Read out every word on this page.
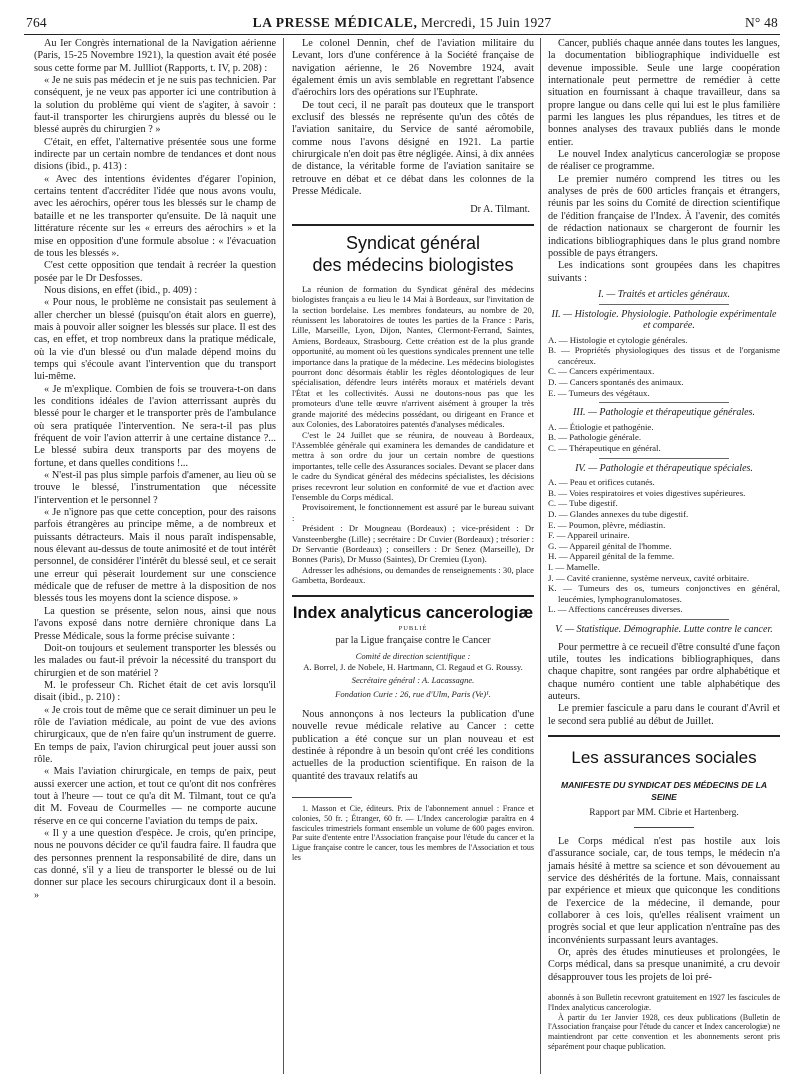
764	LA PRESSE MÉDICALE, Mercredi, 15 Juin 1927	N° 48

Au Ier Congrès international de la Navigation aérienne (Paris, 15-25 Novembre 1921), la question avait été posée sous cette forme par M. Jullliot (Rapports, t. IV, p. 208) :

« Je ne suis pas médecin et je ne suis pas technicien. Par conséquent, je ne veux pas apporter ici une contribution à la solution du problème qui vient de s'agiter, à savoir : faut-il transporter les chirurgiens auprès du blessé ou le blessé auprès du chirurgien ? »

C'était, en effet, l'alternative présentée sous une forme indirecte par un certain nombre de tendances et dont nous disions (ibid., p. 413) :

« Avec des intentions évidentes d'égarer l'opinion, certains tentent d'accréditer l'idée que nous avons voulu, avec les aérochirs, opérer tous les blessés sur le champ de bataille et ne les transporter qu'ensuite. De là naquit une littérature récente sur les « erreurs des aérochirs » et la mise en opposition d'une formule absolue : « l'évacuation de tous les blessés ».

C'est cette opposition que tendait à recréer la question posée par le Dr Desfosses.

Nous disions, en effet (ibid., p. 409) :

« Pour nous, le problème ne consistait pas seulement à aller chercher un blessé (puisqu'on était alors en guerre), mais à pouvoir aller soigner les blessés sur place. Il est des cas, en effet, et trop nombreux dans la pratique médicale, où la vie d'un blessé ou d'un malade dépend moins du temps qui s'écoule avant l'intervention que du transport lui-même.

« Je m'explique. Combien de fois se trouvera-t-on dans les conditions idéales de l'avion atterrissant auprès du blessé pour le charger et le transporter près de l'ambulance où sera pratiquée l'intervention. Ne sera-t-il pas plus fréquent de voir l'avion atterrir à une certaine distance ?... Le blessé subira deux transports par des moyens de fortune, et dans quelles conditions !...

« N'est-il pas plus simple parfois d'amener, au lieu où se trouve le blessé, l'instrumentation que nécessite l'intervention et le personnel ?

« Je n'ignore pas que cette conception, pour des raisons parfois étrangères au principe même, a de nombreux et puissants détracteurs. Mais il nous paraît indispensable, nous élevant au-dessus de toute animosité et de tout intérêt personnel, de considérer l'intérêt du blessé seul, et ce serait une erreur qui pèserait lourdement sur une conscience médicale que de refuser de mettre à la disposition de nos blessés tous les moyens dont la science dispose. »

La question se présente, selon nous, ainsi que nous l'avons exposé dans notre dernière chronique dans La Presse Médicale, sous la forme précise suivante :

Doit-on toujours et seulement transporter les blessés ou les malades ou faut-il prévoir la nécessité du transport du chirurgien et de son matériel ?

M. le professeur Ch. Richet était de cet avis lorsqu'il disait (ibid., p. 210) :

« Je crois tout de même que ce serait diminuer un peu le rôle de l'aviation médicale, au point de vue des avions chirurgicaux, que de n'en faire qu'un instrument de guerre. En temps de paix, l'avion chirurgical peut jouer aussi son rôle.

« Mais l'aviation chirurgicale, en temps de paix, peut aussi exercer une action, et tout ce qu'ont dit nos confrères tout à l'heure — tout ce qu'a dit M. Tilmant, tout ce qu'a dit M. Foveau de Courmelles — ne comporte aucune réserve en ce qui concerne l'aviation du temps de paix.

« Il y a une question d'espèce. Je crois, qu'en principe, nous ne pouvons décider ce qu'il faudra faire. Il faudra que des personnes prennent la responsabilité de dire, dans un cas donné, s'il y a lieu de transporter le blessé ou de lui donner sur place les secours chirurgicaux dont il a besoin. »

Le colonel Dennin, chef de l'aviation militaire du Levant, lors d'une conférence à la Société française de navigation aérienne, le 26 Novembre 1924, avait également émis un avis semblable en regrettant l'absence d'aérochirs lors des opérations sur l'Euphrate.

De tout ceci, il ne paraît pas douteux que le transport exclusif des blessés ne représente qu'un des côtés de l'aviation sanitaire, du Service de santé aéromobile, comme nous l'avons désigné en 1921. La partie chirurgicale n'en doit pas être négligée. Ainsi, à dix années de distance, la véritable forme de l'aviation sanitaire se retrouve en débat et ce débat dans les colonnes de la Presse Médicale.

Dr A. Tilmant.

Syndicat général
des médecins biologistes

La réunion de formation du Syndicat général des médecins biologistes français a eu lieu le 14 Mai à Bordeaux, sur l'invitation de la section bordelaise. Les membres fondateurs, au nombre de 20, réunissent les laboratoires de toutes les parties de la France : Paris, Lille, Marseille, Lyon, Dijon, Nantes, Clermont-Ferrand, Saintes, Amiens, Bordeaux, Strasbourg. Cette création est de la plus grande opportunité, au moment où les questions syndicales prennent une telle importance dans la pratique de la médecine. Les médecins biologistes pourront donc désormais établir les règles déontologiques de leur spécialisation, défendre leurs intérêts moraux et matériels devant l'État et les collectivités. Aussi ne doutons-nous pas que les promoteurs d'une telle œuvre n'arrivent aisément à grouper la très grande majorité des médecins possédant, ou dirigeant en France et aux Colonies, des Laboratoires patentés d'analyses médicales.

C'est le 24 Juillet que se réunira, de nouveau à Bordeaux, l'Assemblée générale qui examinera les demandes de candidature et mettra à son ordre du jour un certain nombre de questions importantes, telle celle des Assurances sociales. Devant se placer dans le cadre du Syndicat général des médecins spécialistes, les décisions prises recevront leur solution en conformité de vue et d'action avec l'ensemble du Corps médical.

Provisoirement, le fonctionnement est assuré par le bureau suivant :

Président : Dr Mougneau (Bordeaux) ; vice-président : Dr Vansteenberghe (Lille) ; secrétaire : Dr Cuvier (Bordeaux) ; trésorier : Dr Servantie (Bordeaux) ; conseillers : Dr Senez (Marseille), Dr Bonnes (Paris), Dr Musso (Saintes), Dr Cremieu (Lyon).

Adresser les adhésions, ou demandes de renseignements : 30, place Gambetta, Bordeaux.

Index analyticus cancerologiæ
PUBLIÉ
par la Ligue française contre le Cancer
Comité de direction scientifique :
A. Borrel, J. de Nobele, H. Hartmann, Cl. Regaud et G. Roussy.
Secrétaire général : A. Lacassagne.
Fondation Curie : 26, rue d'Ulm, Paris (Ve)¹.

Nous annonçons à nos lecteurs la publication d'une nouvelle revue médicale relative au Cancer : cette publication a été conçue sur un plan nouveau et est destinée à répondre à un besoin qu'ont créé les conditions actuelles de la production scientifique. En raison de la quantité des travaux relatifs au

1. Masson et Cie, éditeurs. Prix de l'abonnement annuel : France et colonies, 50 fr. ; Étranger, 60 fr. — L'Index cancerologiæ paraîtra en 4 fascicules trimestriels formant ensemble un volume de 600 pages environ. Par suite d'entente entre l'Association française pour l'étude du cancer et la Ligue française contre le cancer, tous les membres de l'Association et tous les

Cancer, publiés chaque année dans toutes les langues, la documentation bibliographique individuelle est devenue impossible. Seule une large coopération internationale peut permettre de remédier à cette situation en fournissant à chaque travailleur, dans sa propre langue ou dans celle qui lui est le plus familière parmi les langues les plus répandues, les titres et de bonnes analyses des travaux publiés dans le monde entier.

Le nouvel Index analyticus cancerologiæ se propose de réaliser ce programme.

Le premier numéro comprend les titres ou les analyses de près de 600 articles français et étrangers, réunis par les soins du Comité de direction scientifique de l'édition française de l'Index. À l'avenir, des comités de rédaction nationaux se chargeront de fournir les indications bibliographiques dans le plus grand nombre possible de pays étrangers.

Les indications sont groupées dans les chapitres suivants :

I. — Traités et articles généraux.
II. — Histologie. Physiologie. Pathologie expérimentale et comparée.
A. — Histologie et cytologie générales.
B. — Propriétés physiologiques des tissus et de l'organisme cancéreux.
C. — Cancers expérimentaux.
D. — Cancers spontanés des animaux.
E. — Tumeurs des végétaux.
III. — Pathologie et thérapeutique générales.
A. — Étiologie et pathogénie.
B. — Pathologie générale.
C. — Thérapeutique en général.
IV. — Pathologie et thérapeutique spéciales.
A. — Peau et orifices cutanés.
B. — Voies respiratoires et voies digestives supérieures.
C. — Tube digestif.
D. — Glandes annexes du tube digestif.
E. — Poumon, plèvre, médiastin.
F. — Appareil urinaire.
G. — Appareil génital de l'homme.
H. — Appareil génital de la femme.
I. — Mamelle.
J. — Cavité cranienne, système nerveux, cavité orbitaire.
K. — Tumeurs des os, tumeurs conjonctives en général, leucémies, lymphogranulomatoses.
L. — Affections cancéreuses diverses.
V. — Statistique. Démographie. Lutte contre le cancer.

Pour permettre à ce recueil d'être consulté d'une façon utile, toutes les indications bibliographiques, dans chaque chapitre, sont rangées par ordre alphabétique et chaque numéro contient une table alphabétique des auteurs.

Le premier fascicule a paru dans le courant d'Avril et le second sera publié au début de Juillet.

Les assurances sociales
MANIFESTE DU SYNDICAT DES MÉDECINS DE LA SEINE
Rapport par MM. Cibrie et Hartenberg.

Le Corps médical n'est pas hostile aux lois d'assurance sociale, car, de tous temps, le médecin n'a jamais hésité à mettre sa science et son dévouement au service des déshérités de la fortune. Mais, connaissant par expérience et mieux que quiconque les conditions de l'exercice de la médecine, il demande, pour collaborer à ces lois, qu'elles réalisent vraiment un progrès social et que leur application n'entraîne pas des inconvénients surpassant leurs avantages.

Or, après des études minutieuses et prolongées, le Corps médical, dans sa presque unanimité, a cru devoir désapprouver tous les projets de loi pré-

abonnés à son Bulletin recevront gratuitement en 1927 les fascicules de l'Index analyticus cancerologiæ.

À partir du 1er Janvier 1928, ces deux publications (Bulletin de l'Association française pour l'étude du cancer et Index cancerologiæ) ne maintiendront par cette convention et les abonnements seront pris séparément pour chaque publication.
